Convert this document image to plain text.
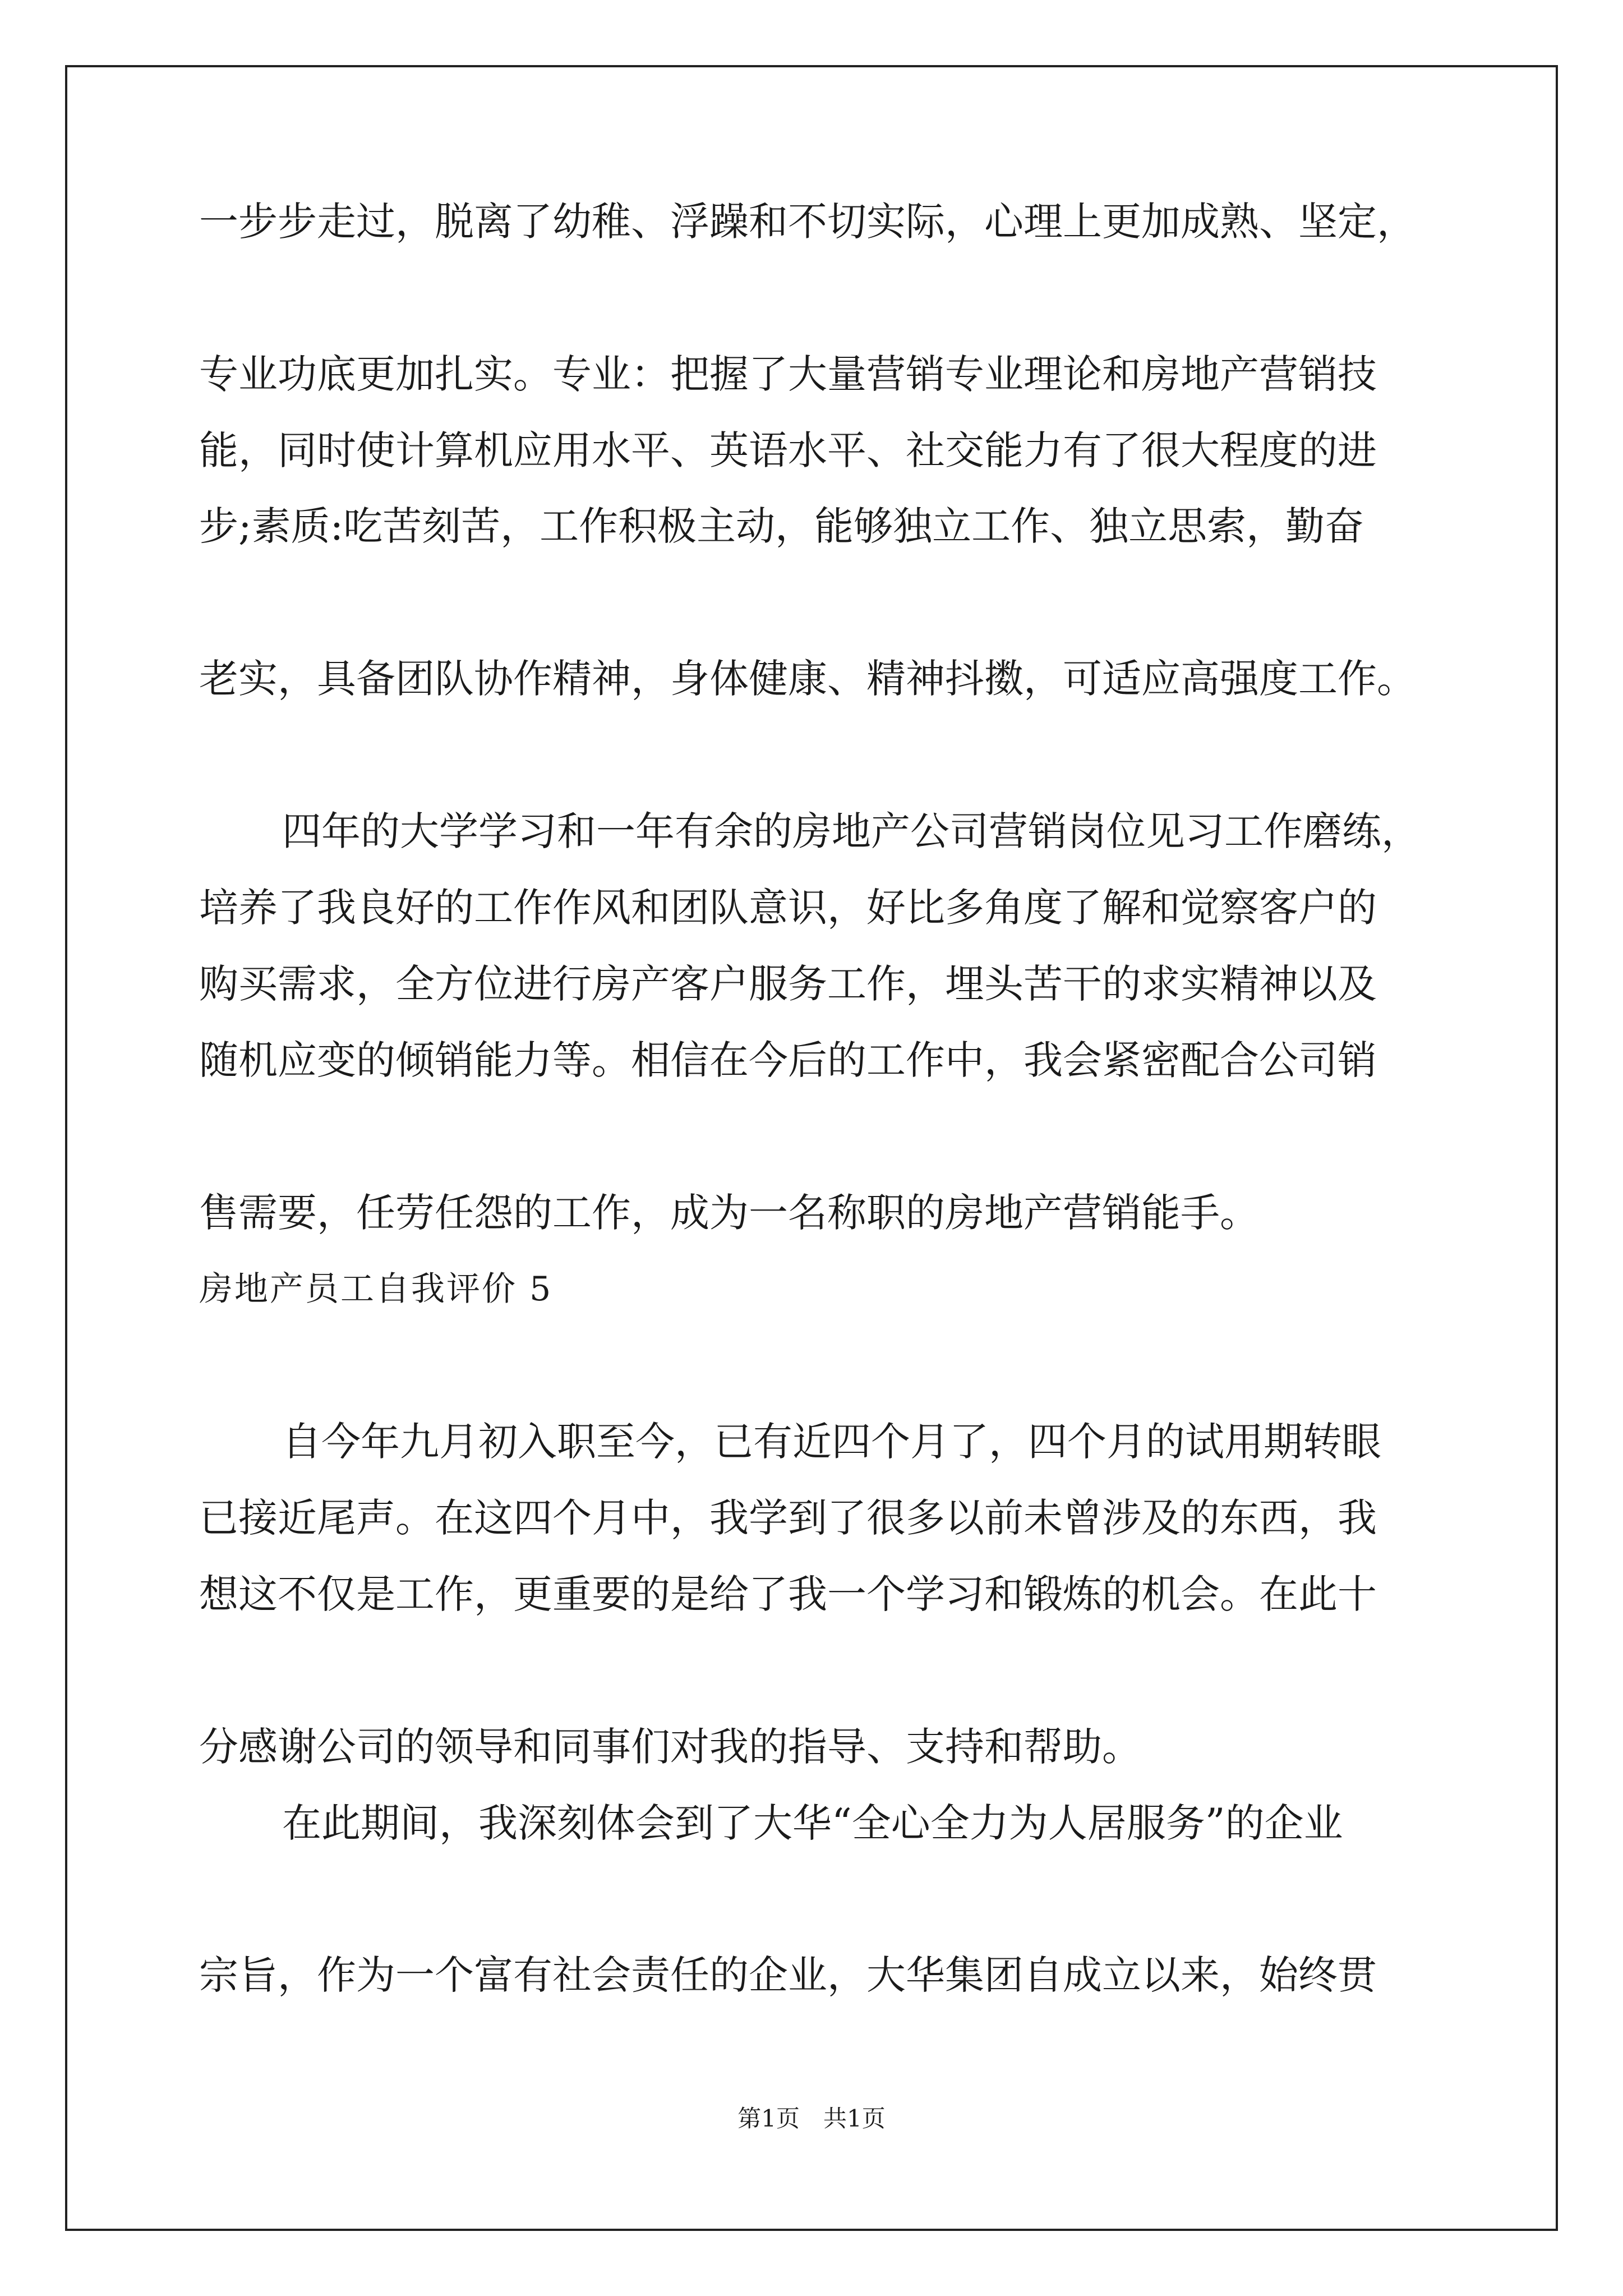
一步步走过，脱离了幼稚、浮躁和不切实际，心理上更加成熟、坚定，
专业功底更加扎实。专业：把握了大量营销专业理论和房地产营销技
能，同时使计算机应用水平、英语水平、社交能力有了很大程度的进
步;素质:吃苦刻苦，工作积极主动，能够独立工作、独立思索，勤奋
老实，具备团队协作精神，身体健康、精神抖擞，可适应高强度工作。
四年的大学学习和一年有余的房地产公司营销岗位见习工作磨练，
培养了我良好的工作作风和团队意识，好比多角度了解和觉察客户的
购买需求，全方位进行房产客户服务工作，埋头苦干的求实精神以及
随机应变的倾销能力等。相信在今后的工作中，我会紧密配合公司销
售需要，任劳任怨的工作，成为一名称职的房地产营销能手。
房地产员工自我评价 5
自今年九月初入职至今，已有近四个月了，四个月的试用期转眼
已接近尾声。在这四个月中，我学到了很多以前未曾涉及的东西，我
想这不仅是工作，更重要的是给了我一个学习和锻炼的机会。在此十
分感谢公司的领导和同事们对我的指导、支持和帮助。
在此期间，我深刻体会到了大华“全心全力为人居服务”的企业
宗旨，作为一个富有社会责任的企业，大华集团自成立以来，始终贯
第1页　共1页
